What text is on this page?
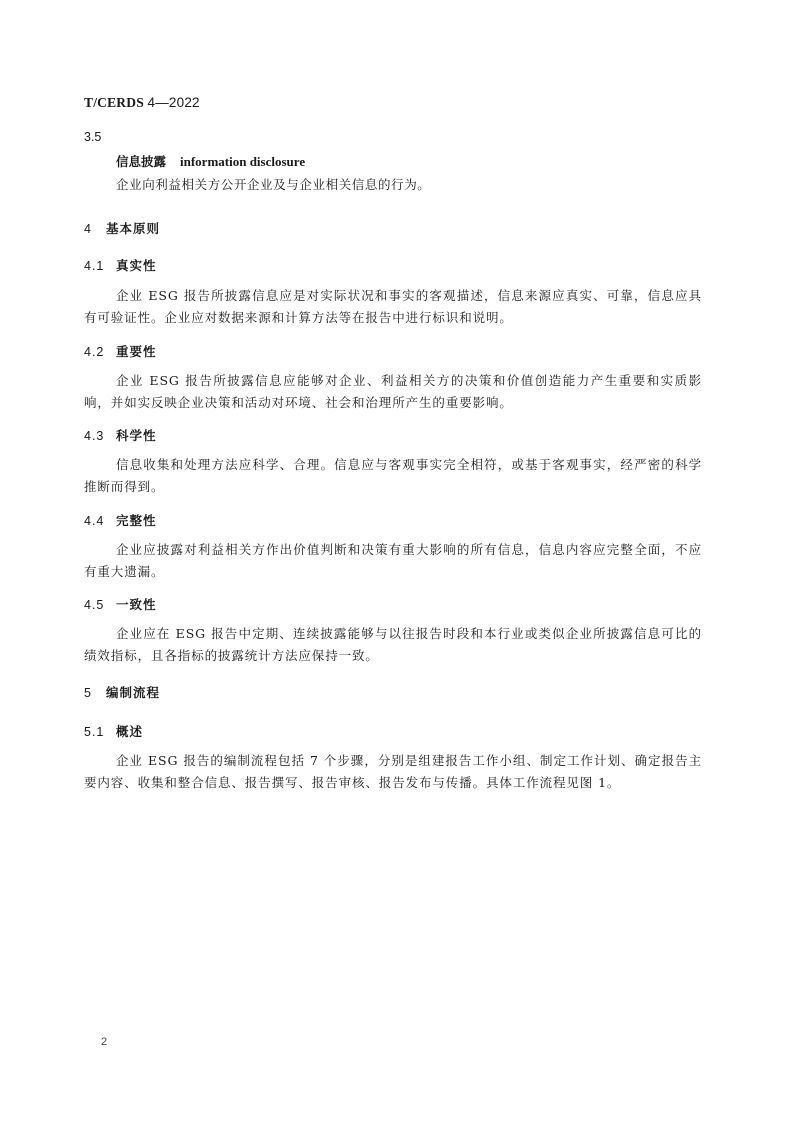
T/CERDS 4—2022
3.5
信息披露 information disclosure
企业向利益相关方公开企业及与企业相关信息的行为。
4 基本原则
4.1 真实性
企业 ESG 报告所披露信息应是对实际状况和事实的客观描述，信息来源应真实、可靠，信息应具有可验证性。企业应对数据来源和计算方法等在报告中进行标识和说明。
4.2 重要性
企业 ESG 报告所披露信息应能够对企业、利益相关方的决策和价值创造能力产生重要和实质影响，并如实反映企业决策和活动对环境、社会和治理所产生的重要影响。
4.3 科学性
信息收集和处理方法应科学、合理。信息应与客观事实完全相符，或基于客观事实，经严密的科学推断而得到。
4.4 完整性
企业应披露对利益相关方作出价值判断和决策有重大影响的所有信息，信息内容应完整全面，不应有重大遗漏。
4.5 一致性
企业应在 ESG 报告中定期、连续披露能够与以往报告时段和本行业或类似企业所披露信息可比的绩效指标，且各指标的披露统计方法应保持一致。
5 编制流程
5.1 概述
企业 ESG 报告的编制流程包括 7 个步骤，分别是组建报告工作小组、制定工作计划、确定报告主要内容、收集和整合信息、报告撰写、报告审核、报告发布与传播。具体工作流程见图 1。
2
